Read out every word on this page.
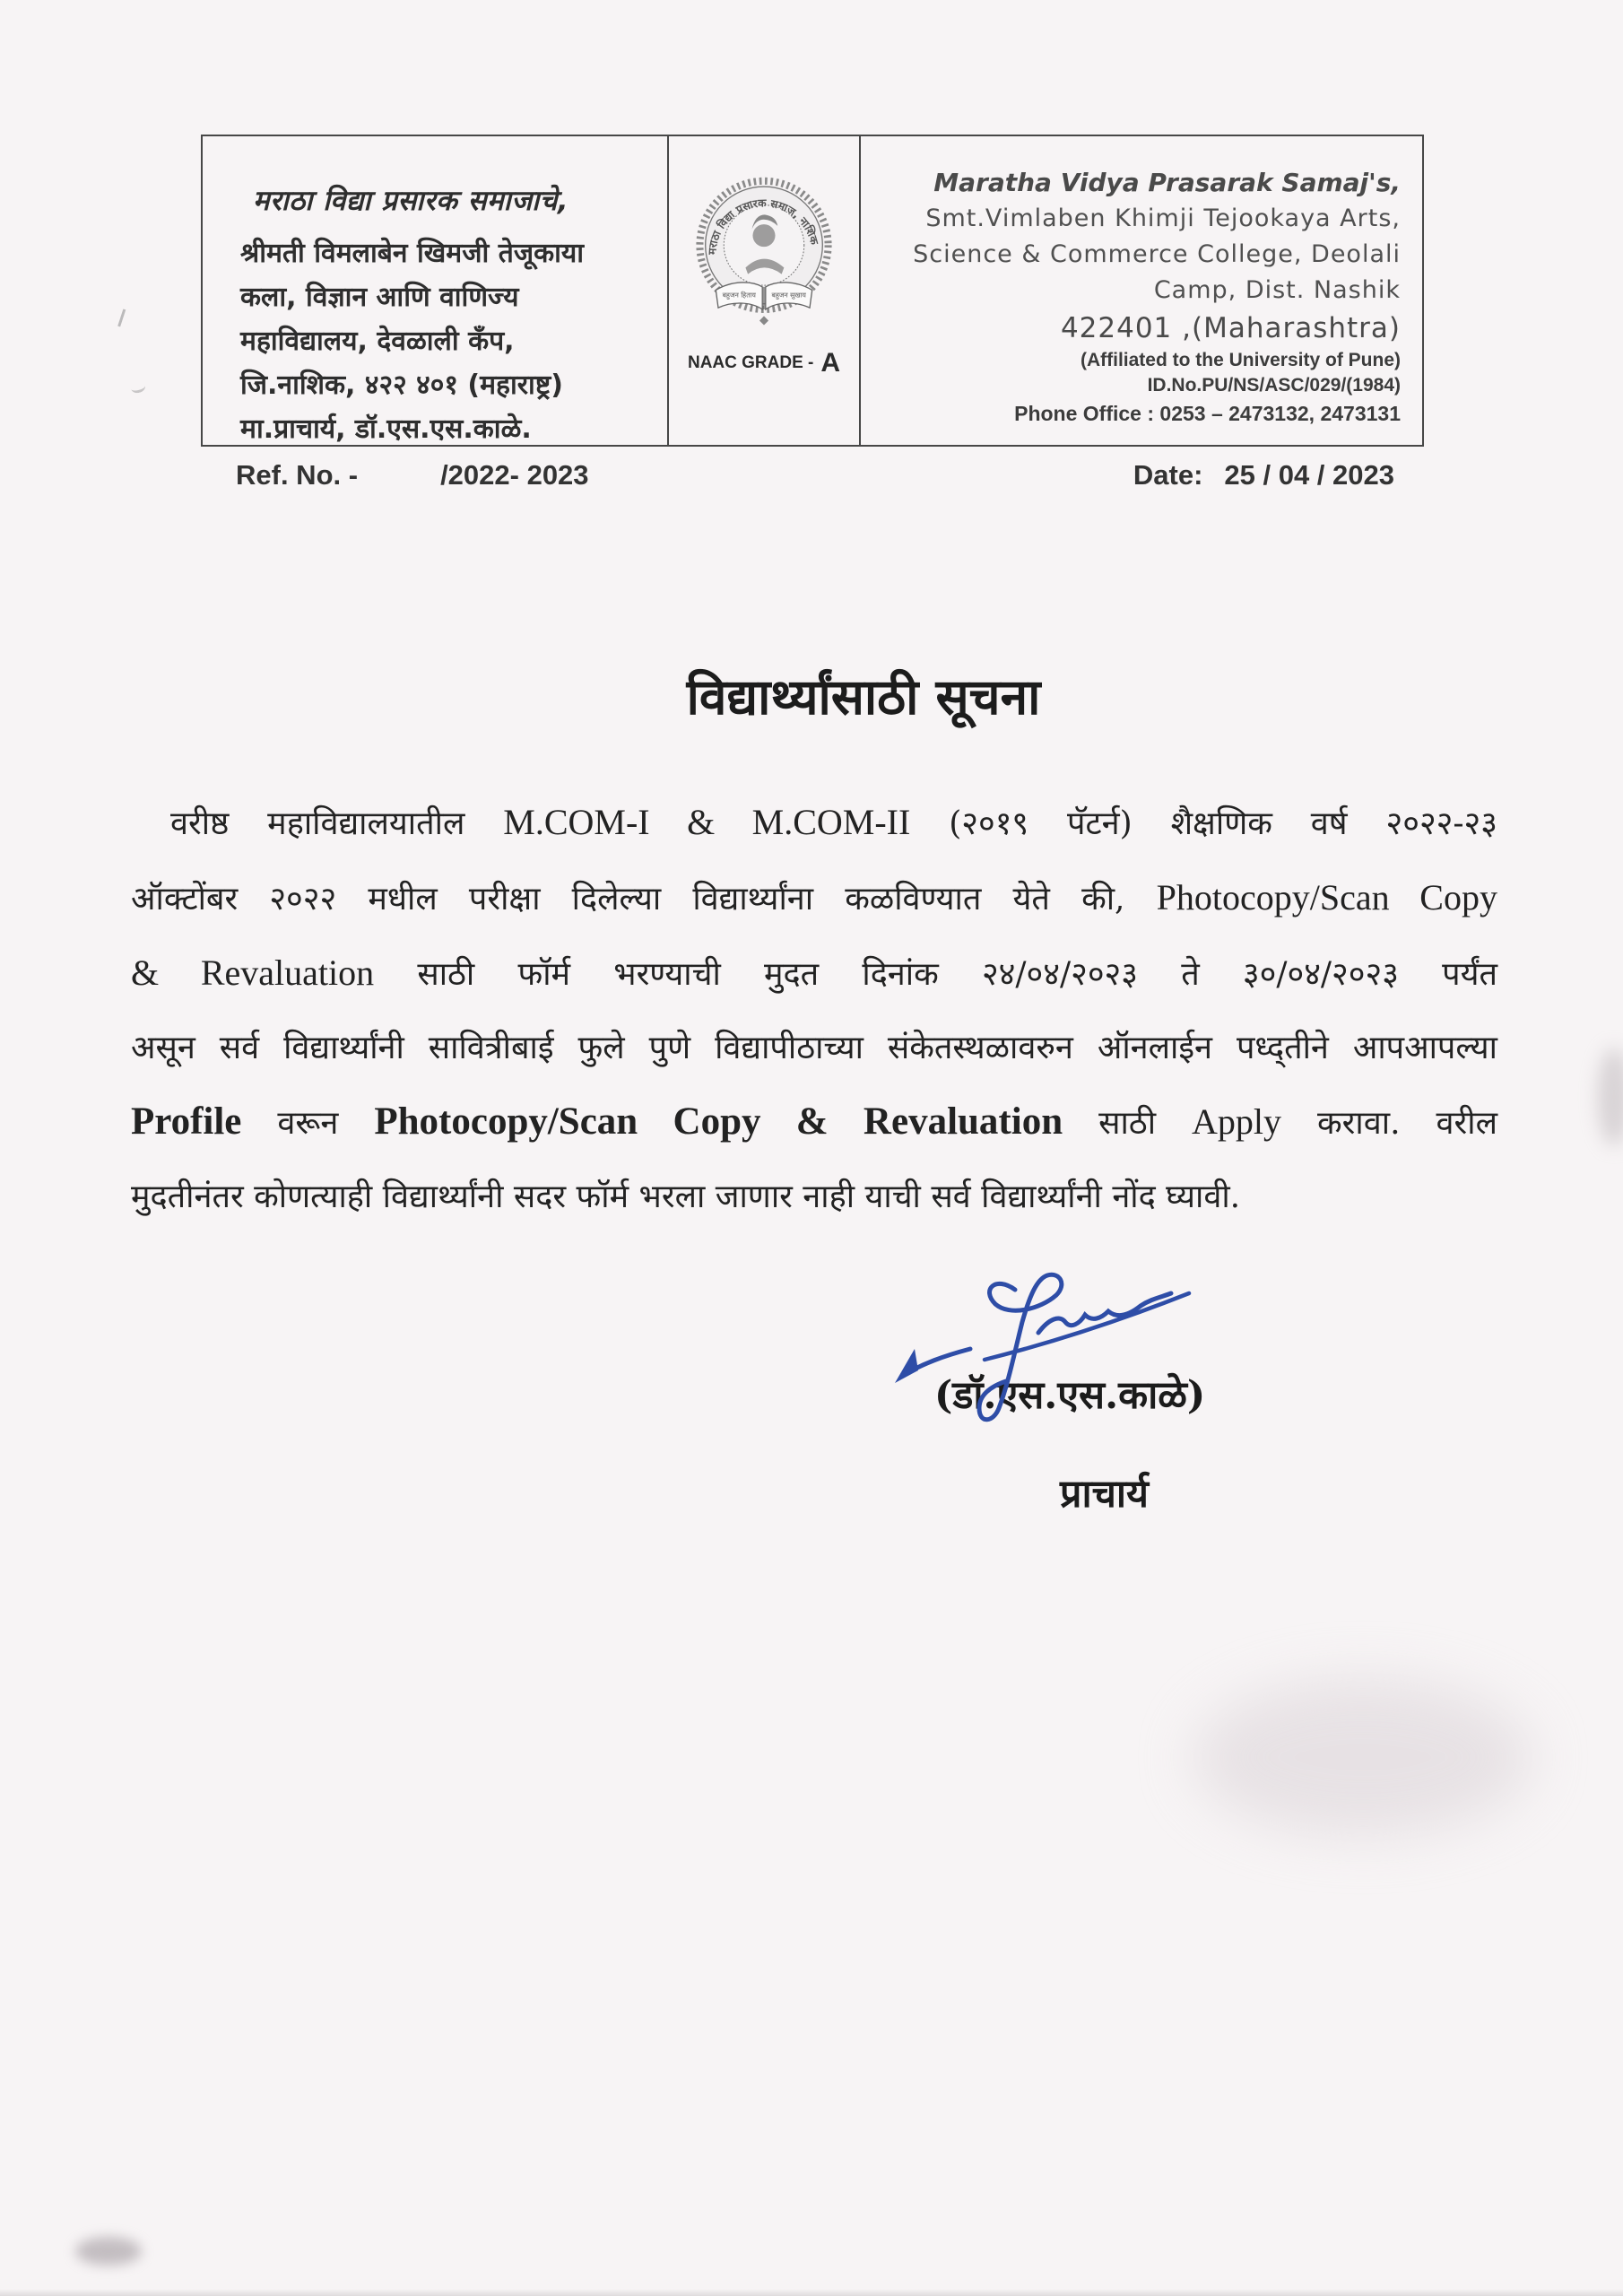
मराठा विद्या प्रसारक समाजाचे,
श्रीमती विमलाबेन खिमजी तेजूकाया
कला, विज्ञान आणि वाणिज्य
महाविद्यालय, देवळाली कँप,
जि.नाशिक, ४२२ ४०१ (महाराष्ट्र)
मा.प्राचार्य, डॉ.एस.एस.काळे.
मराठा विद्या प्रसारक समाज, नाशिक
बहुजन हिताय बहुजन सुखाय
NAAC GRADE - A
Maratha Vidya Prasarak Samaj's,
Smt.Vimlaben Khimji Tejookaya Arts,
Science & Commerce College, Deolali
Camp, Dist. Nashik
422401 ,(Maharashtra)
(Affiliated to the University of Pune)
ID.No.PU/NS/ASC/029/(1984)
Phone Office : 0253 – 2473132, 2473131
Ref. No. -	/2022- 2023	Date: 25 / 04 / 2023
विद्यार्थ्यांसाठी सूचना
वरीष्ठ महाविद्यालयातील M.COM-I & M.COM-II (२०१९ पॅटर्न) शैक्षणिक वर्ष २०२२-२३
ऑक्टोंबर २०२२ मधील परीक्षा दिलेल्या विद्यार्थ्यांना कळविण्यात येते की, Photocopy/Scan Copy
& Revaluation साठी फॉर्म भरण्याची मुदत दिनांक २४/०४/२०२३ ते ३०/०४/२०२३ पर्यंत
असून सर्व विद्यार्थ्यांनी सावित्रीबाई फुले पुणे विद्यापीठाच्या संकेतस्थळावरुन ऑनलाईन पध्द्तीने आपआपल्या
Profile वरून Photocopy/Scan Copy & Revaluation साठी Apply करावा. वरील
मुदतीनंतर कोणत्याही विद्यार्थ्यांनी सदर फॉर्म भरला जाणार नाही याची सर्व विद्यार्थ्यांनी नोंद घ्यावी.
(डॉ.एस.एस.काळे)
प्राचार्य
